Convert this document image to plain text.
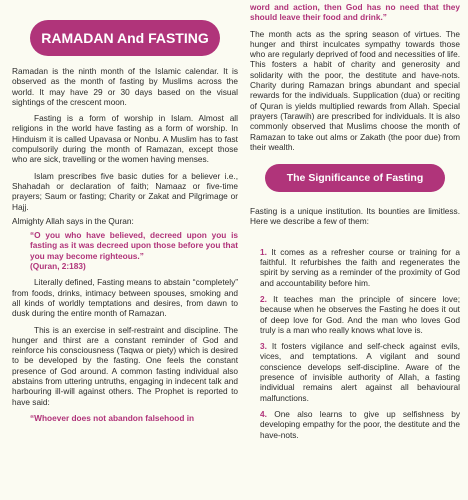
RAMADAN And FASTING

Ramadan is the ninth month of the Islamic calendar. It is observed as the month of fasting by Muslims across the world. It may have 29 or 30 days based on the visual sightings of the crescent moon.

Fasting is a form of worship in Islam. Almost all religions in the world have fasting as a form of worship. In Hinduism it is called Upavasa or Nonbu. A Muslim has to fast compulsorily during the month of Ramazan, except those who are sick, travelling or the women having menses.

Islam prescribes five basic duties for a believer i.e., Shahadah or declaration of faith; Namaaz or five-time prayers; Saum or fasting; Charity or Zakat and Pilgrimage or Hajj.

Almighty Allah says in the Quran:

“O you who have believed, decreed upon you is fasting as it was decreed upon those before you that you may become righteous.”

(Quran, 2:183)

Literally defined, Fasting means to abstain “completely” from foods, drinks, intimacy between spouses, smoking and all kinds of worldly temptations and desires, from dawn to dusk during the entire month of Ramazan.

This is an exercise in self-restraint and discipline. The hunger and thirst are a constant reminder of God and reinforce his consciousness (Taqwa or piety) which is desired to be developed by the fasting. One feels the constant presence of God around. A common fasting individual also abstains from uttering untruths, engaging in indecent talk and harbouring ill-will against others. The Prophet is reported to have said:

“Whoever does not abandon falsehood in

word and action, then God has no need that they should leave their food and drink.”

The month acts as the spring season of virtues. The hunger and thirst inculcates sympathy towards those who are regularly deprived of food and necessities of life. This fosters a habit of charity and generosity and solidarity with the poor, the destitute and have-nots. Charity during Ramazan brings abundant and special rewards for the individuals. Supplication (dua) or reciting of Quran is yields multiplied rewards from Allah. Special prayers (Tarawih) are prescribed for individuals. It is also commonly observed that Muslims choose the month of Ramazan to take out alms or Zakath (the poor due) from their wealth.

The Significance of Fasting

Fasting is a unique institution. Its bounties are limitless. Here we describe a few of them:

1. It comes as a refresher course or training for a faithful. It refurbishes the faith and regenerates the spirit by serving as a reminder of the proximity of God and accountability before him.

2. It teaches man the principle of sincere love; because when he observes the Fasting he does it out of deep love for God. And the man who loves God truly is a man who really knows what love is.

3. It fosters vigilance and self-check against evils, vices, and temptations. A vigilant and sound conscience develops self-discipline. Aware of the presence of invisible authority of Allah, a fasting individual remains alert against all behavioural malfunctions.

4. One also learns to give up selfishness by developing empathy for the poor, the destitute and the have-nots.
